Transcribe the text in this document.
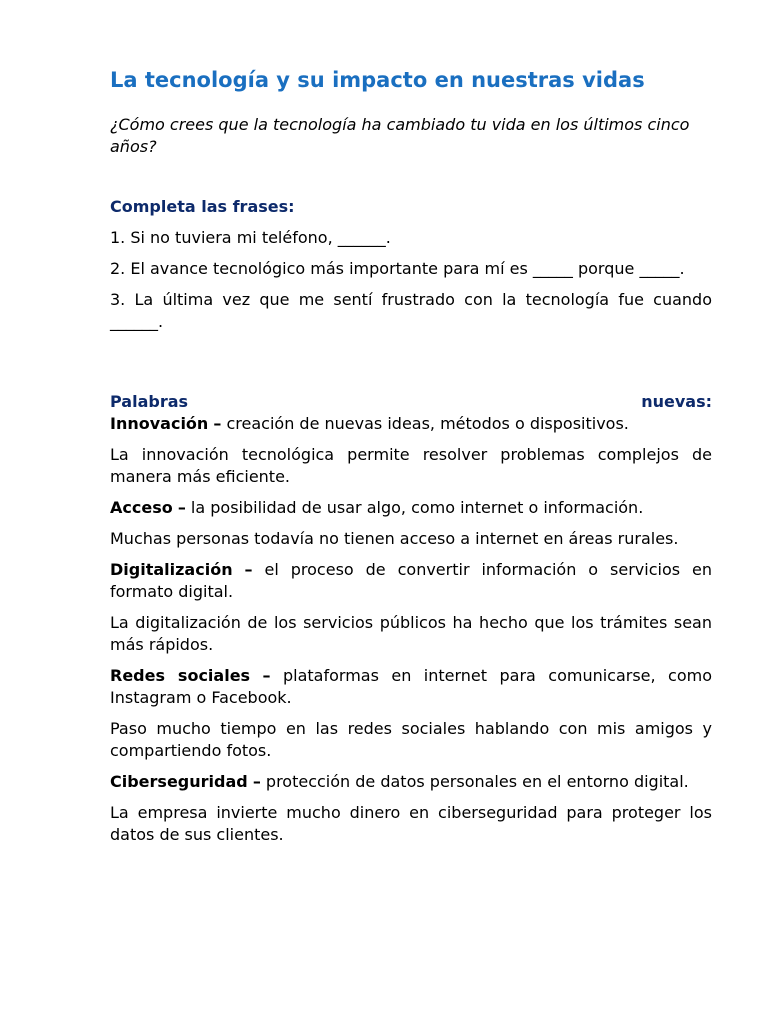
La tecnología y su impacto en nuestras vidas

¿Cómo crees que la tecnología ha cambiado tu vida en los últimos cinco años?

Completa las frases:

1. Si no tuviera mi teléfono, ______.

2. El avance tecnológico más importante para mí es _____ porque _____.

3. La última vez que me sentí frustrado con la tecnología fue cuando ______.

Palabras	nuevas:

Innovación – creación de nuevas ideas, métodos o dispositivos.

La innovación tecnológica permite resolver problemas complejos de manera más eficiente.

Acceso – la posibilidad de usar algo, como internet o información.

Muchas personas todavía no tienen acceso a internet en áreas rurales.

Digitalización – el proceso de convertir información o servicios en formato digital.

La digitalización de los servicios públicos ha hecho que los trámites sean más rápidos.

Redes sociales – plataformas en internet para comunicarse, como Instagram o Facebook.

Paso mucho tiempo en las redes sociales hablando con mis amigos y compartiendo fotos.

Ciberseguridad – protección de datos personales en el entorno digital.

La empresa invierte mucho dinero en ciberseguridad para proteger los datos de sus clientes.
